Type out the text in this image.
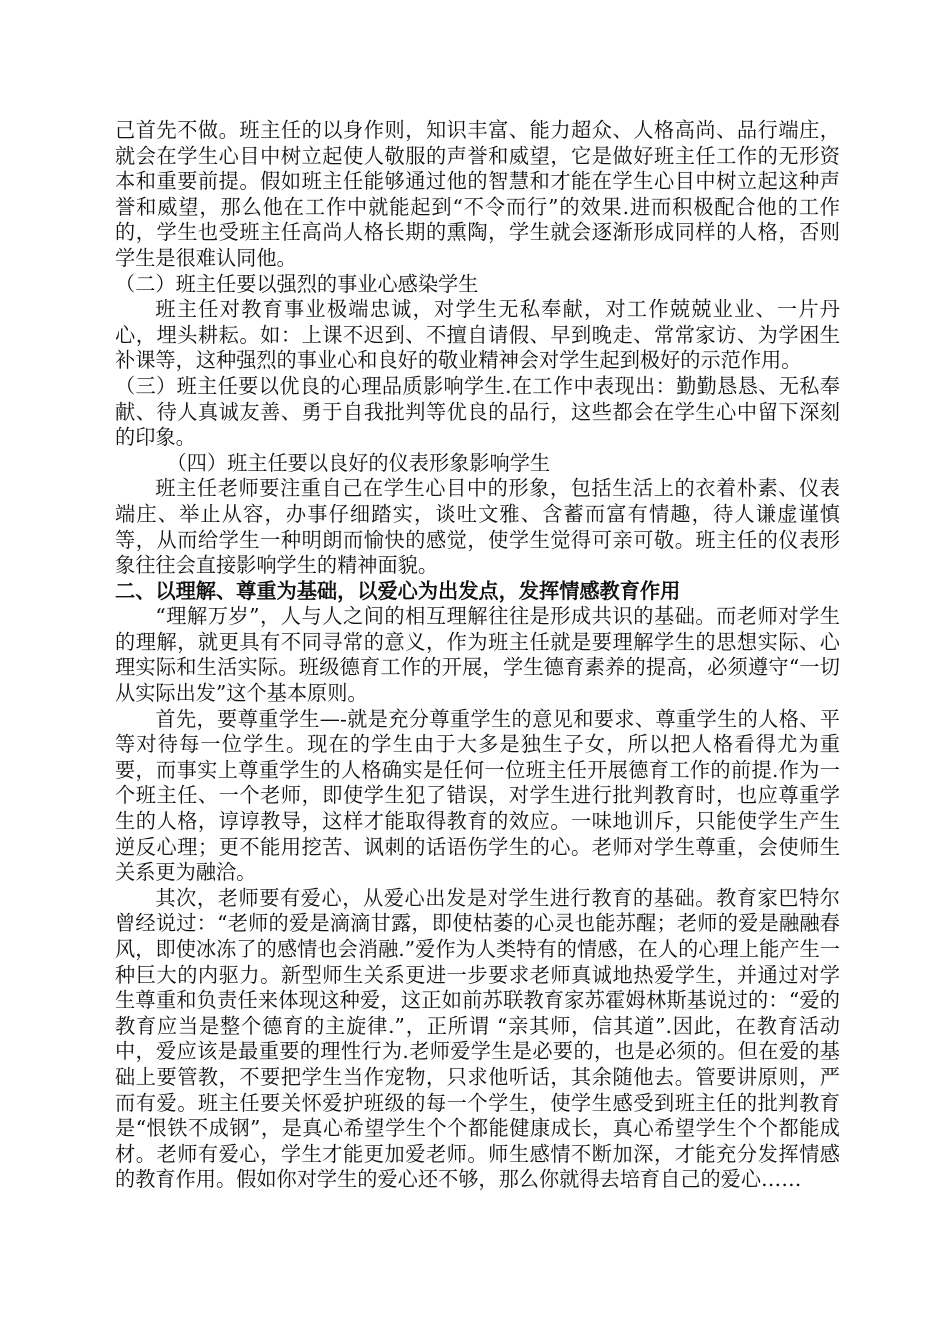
己首先不做。班主任的以身作则，知识丰富、能力超众、人格高尚、品行端庄，就会在学生心目中树立起使人敬服的声誉和威望，它是做好班主任工作的无形资本和重要前提。假如班主任能够通过他的智慧和才能在学生心目中树立起这种声誉和威望，那么他在工作中就能起到“不令而行”的效果.进而积极配合他的工作的，学生也受班主任高尚人格长期的熏陶，学生就会逐渐形成同样的人格，否则学生是很难认同他。

（二）班主任要以强烈的事业心感染学生

班主任对教育事业极端忠诚，对学生无私奉献，对工作兢兢业业、一片丹心，埋头耕耘。如：上课不迟到、不擅自请假、早到晚走、常常家访、为学困生补课等，这种强烈的事业心和良好的敬业精神会对学生起到极好的示范作用。

（三）班主任要以优良的心理品质影响学生.在工作中表现出：勤勤恳恳、无私奉献、待人真诚友善、勇于自我批判等优良的品行，这些都会在学生心中留下深刻的印象。

（四）班主任要以良好的仪表形象影响学生

班主任老师要注重自己在学生心目中的形象，包括生活上的衣着朴素、仪表端庄、举止从容，办事仔细踏实，谈吐文雅、含蓄而富有情趣，待人谦虚谨慎等，从而给学生一种明朗而愉快的感觉，使学生觉得可亲可敬。班主任的仪表形象往往会直接影响学生的精神面貌。

二、以理解、尊重为基础，以爱心为出发点，发挥情感教育作用

“理解万岁”，人与人之间的相互理解往往是形成共识的基础。而老师对学生的理解，就更具有不同寻常的意义，作为班主任就是要理解学生的思想实际、心理实际和生活实际。班级德育工作的开展，学生德育素养的提高，必须遵守“一切从实际出发”这个基本原则。

首先，要尊重学生—-就是充分尊重学生的意见和要求、尊重学生的人格、平等对待每一位学生。现在的学生由于大多是独生子女，所以把人格看得尤为重要，而事实上尊重学生的人格确实是任何一位班主任开展德育工作的前提.作为一个班主任、一个老师，即使学生犯了错误，对学生进行批判教育时，也应尊重学生的人格，谆谆教导，这样才能取得教育的效应。一味地训斥，只能使学生产生逆反心理；更不能用挖苦、讽刺的话语伤学生的心。老师对学生尊重，会使师生关系更为融洽。

其次，老师要有爱心，从爱心出发是对学生进行教育的基础。教育家巴特尔曾经说过：“老师的爱是滴滴甘露，即使枯萎的心灵也能苏醒；老师的爱是融融春风，即使冰冻了的感情也会消融.”爱作为人类特有的情感，在人的心理上能产生一种巨大的内驱力。新型师生关系更进一步要求老师真诚地热爱学生，并通过对学生尊重和负责任来体现这种爱，这正如前苏联教育家苏霍姆林斯基说过的：“爱的教育应当是整个德育的主旋律.”，正所谓 “亲其师，信其道”.因此，在教育活动中，爱应该是最重要的理性行为.老师爱学生是必要的，也是必须的。但在爱的基础上要管教，不要把学生当作宠物，只求他听话，其余随他去。管要讲原则，严而有爱。班主任要关怀爱护班级的每一个学生，使学生感受到班主任的批判教育是“恨铁不成钢”，是真心希望学生个个都能健康成长，真心希望学生个个都能成材。老师有爱心，学生才能更加爱老师。师生感情不断加深，才能充分发挥情感的教育作用。假如你对学生的爱心还不够，那么你就得去培育自己的爱心……
